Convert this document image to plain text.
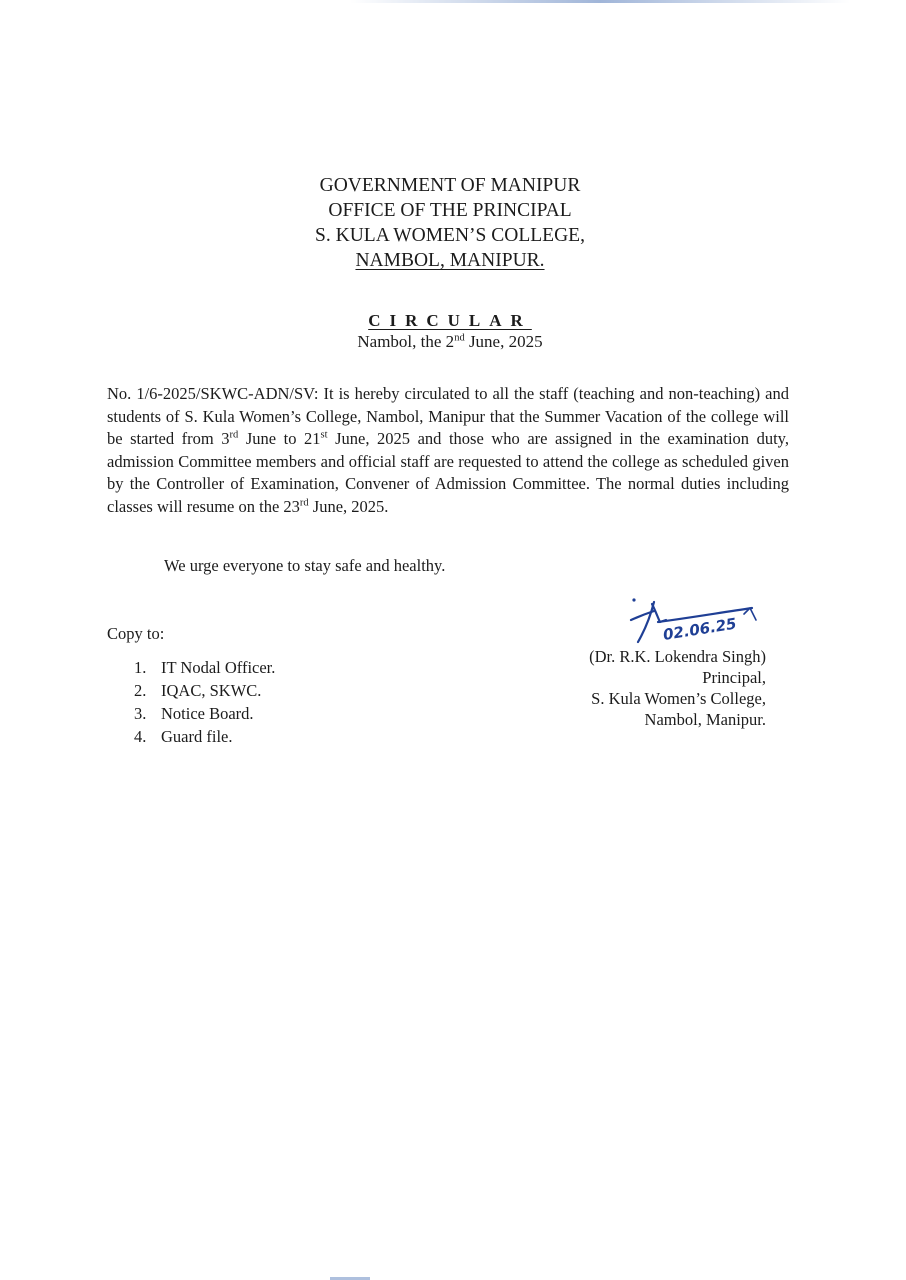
GOVERNMENT OF MANIPUR
OFFICE OF THE PRINCIPAL
S. KULA WOMEN’S COLLEGE,
NAMBOL, MANIPUR.
CIRCULAR
Nambol, the 2nd June, 2025
No. 1/6-2025/SKWC-ADN/SV: It is hereby circulated to all the staff (teaching and non-teaching) and students of S. Kula Women’s College, Nambol, Manipur that the Summer Vacation of the college will be started from 3rd June to 21st June, 2025 and those who are assigned in the examination duty, admission Committee members and official staff are requested to attend the college as scheduled given by the Controller of Examination, Convener of Admission Committee. The normal duties including classes will resume on the 23rd June, 2025.
We urge everyone to stay safe and healthy.
Copy to:
1. IT Nodal Officer.
2. IQAC, SKWC.
3. Notice Board.
4. Guard file.
02.06.25
(Dr. R.K. Lokendra Singh)
Principal,
S. Kula Women’s College,
Nambol, Manipur.
